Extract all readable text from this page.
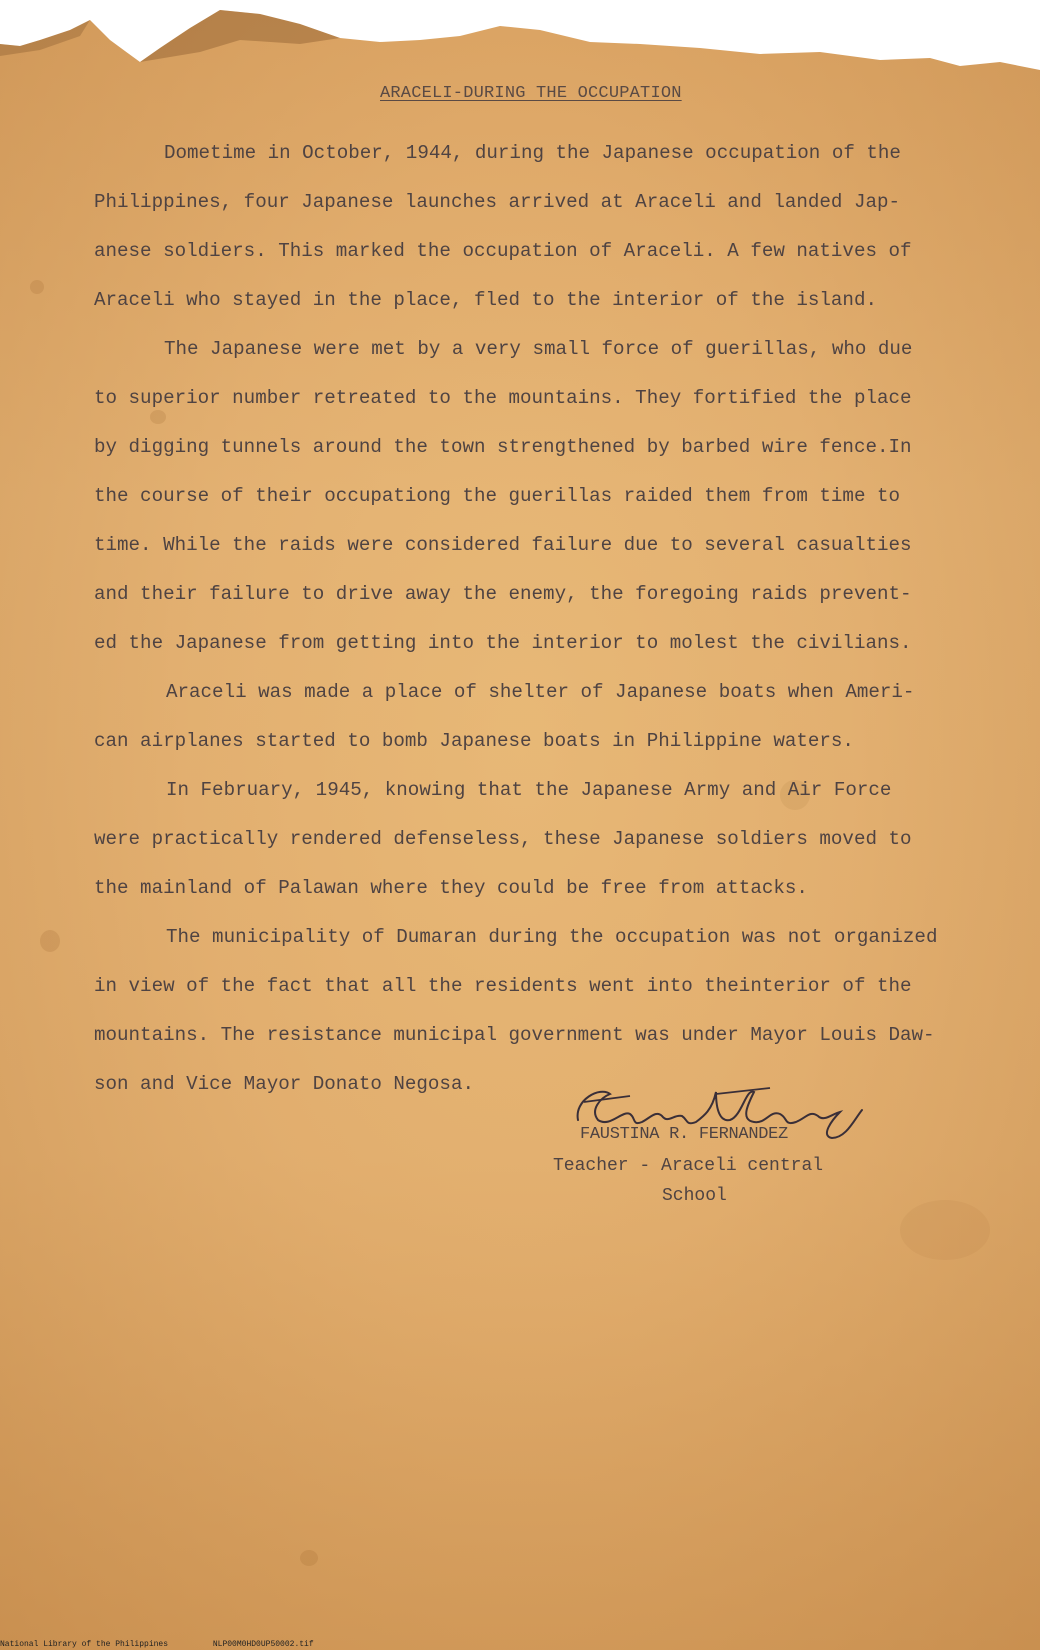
ARACELI-DURING THE OCCUPATION
Dometime in October, 1944, during the Japanese occupation of the
Philippines, four Japanese launches arrived at Araceli and landed Jap-
anese soldiers. This marked the occupation of Araceli. A few natives of
Araceli who stayed in the place, fled to the interior of the island.
The Japanese were met by a very small force of guerillas, who due
to superior number retreated to the mountains. They fortified the place
by digging tunnels around the town strengthened by barbed wire fence.In
the course of their occupationg the guerillas raided them from time to
time. While the raids were considered failure due to several casualties
and their failure to drive away the enemy, the foregoing raids prevent-
ed the Japanese from getting into the interior to molest the civilians.
Araceli was made a place of shelter of Japanese boats when Ameri-
can airplanes started to bomb Japanese boats in Philippine waters.
In February, 1945, knowing that the Japanese Army and Air Force
were practically rendered defenseless, these Japanese soldiers moved to
the mainland of Palawan where they could be free from attacks.
The municipality of Dumaran during the occupation was not organized
in view of the fact that all the residents went into theinterior of the
mountains. The resistance municipal government was under Mayor Louis Daw-
son and Vice Mayor Donato Negosa.
FAUSTINA R. FERNANDEZ
Teacher - Araceli central
School
National Library of the Philippines	NLP00M0HD0UP50002.tif
